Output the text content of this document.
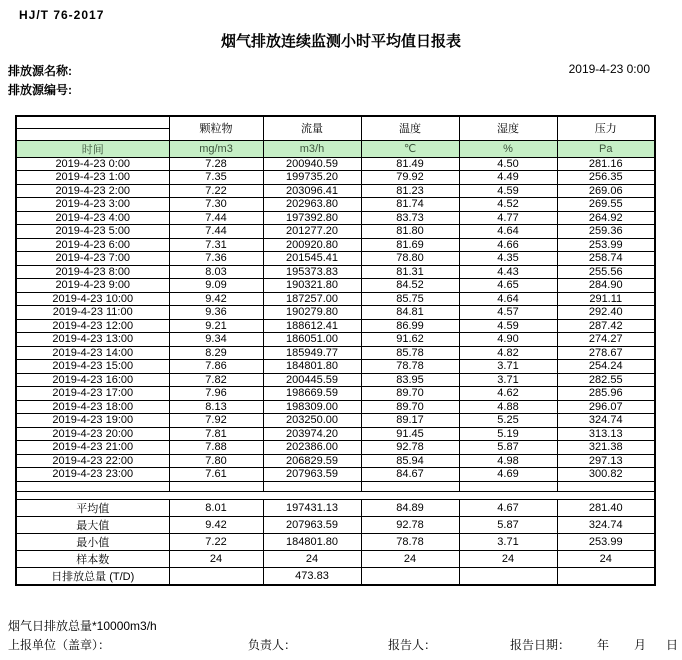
HJ/T 76-2017
烟气排放连续监测小时平均值日报表
排放源名称:
排放源编号:
2019-4-23 0:00
	颗粒物	流量	温度	湿度	压力

时间	mg/m3	m3/h	℃	%	Pa
2019-4-23 0:00	7.28	200940.59	81.49	4.50	281.16
2019-4-23 1:00	7.35	199735.20	79.92	4.49	256.35
2019-4-23 2:00	7.22	203096.41	81.23	4.59	269.06
2019-4-23 3:00	7.30	202963.80	81.74	4.52	269.55
2019-4-23 4:00	7.44	197392.80	83.73	4.77	264.92
2019-4-23 5:00	7.44	201277.20	81.80	4.64	259.36
2019-4-23 6:00	7.31	200920.80	81.69	4.66	253.99
2019-4-23 7:00	7.36	201545.41	78.80	4.35	258.74
2019-4-23 8:00	8.03	195373.83	81.31	4.43	255.56
2019-4-23 9:00	9.09	190321.80	84.52	4.65	284.90
2019-4-23 10:00	9.42	187257.00	85.75	4.64	291.11
2019-4-23 11:00	9.36	190279.80	84.81	4.57	292.40
2019-4-23 12:00	9.21	188612.41	86.99	4.59	287.42
2019-4-23 13:00	9.34	186051.00	91.62	4.90	274.27
2019-4-23 14:00	8.29	185949.77	85.78	4.82	278.67
2019-4-23 15:00	7.86	184801.80	78.78	3.71	254.24
2019-4-23 16:00	7.82	200445.59	83.95	3.71	282.55
2019-4-23 17:00	7.96	198669.59	89.70	4.62	285.96
2019-4-23 18:00	8.13	198309.00	89.70	4.88	296.07
2019-4-23 19:00	7.92	203250.00	89.17	5.25	324.74
2019-4-23 20:00	7.81	203974.20	91.45	5.19	313.13
2019-4-23 21:00	7.88	202386.00	92.78	5.87	321.38
2019-4-23 22:00	7.80	206829.59	85.94	4.98	297.13
2019-4-23 23:00	7.61	207963.59	84.67	4.69	300.82

平均值	8.01	197431.13	84.89	4.67	281.40
最大值	9.42	207963.59	92.78	5.87	324.74
最小值	7.22	184801.80	78.78	3.71	253.99
样本数	24	24	24	24	24
日排放总量 (T/D)		473.83			
烟气日排放总量*10000m3/h
上报单位（盖章）：	负责人：	报告人：	报告日期： 年 月 日
